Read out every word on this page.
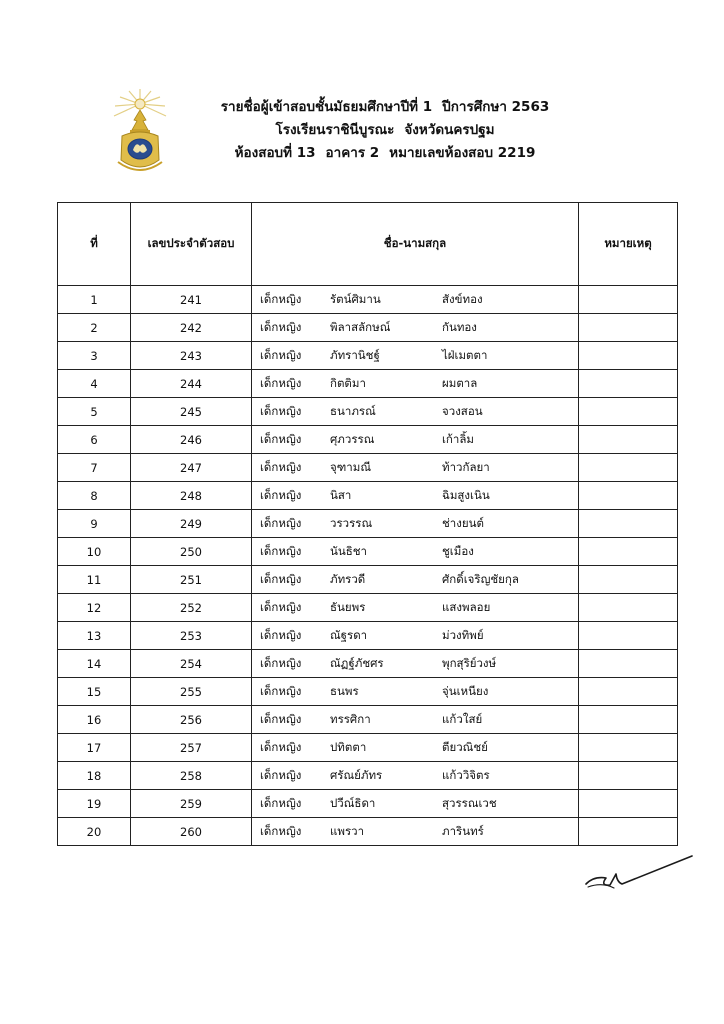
รายชื่อผู้เข้าสอบชั้นมัธยมศึกษาปีที่ 1 ปีการศึกษา 2563
โรงเรียนราชินีบูรณะ จังหวัดนครปฐม
ห้องสอบที่ 13 อาคาร 2 หมายเลขห้องสอบ 2219
ที่	เลขประจำตัวสอบ	ชื่อ-นามสกุล	หมายเหตุ
1	241	เด็กหญิง รัตน์ศิมาน สังข์ทอง	

2	242	เด็กหญิง พิลาสลักษณ์ กันทอง	

3	243	เด็กหญิง ภัทรานิชฐ์ ไฝ่เมตตา	

4	244	เด็กหญิง กิตติมา ผมตาล	

5	245	เด็กหญิง ธนาภรณ์ จวงสอน	

6	246	เด็กหญิง ศุภวรรณ เก้าลิ้ม	

7	247	เด็กหญิง จุฑามณี ท้าวกัลยา	

8	248	เด็กหญิง นิสา ฉิมสูงเนิน	

9	249	เด็กหญิง วรวรรณ ช่างยนต์	

10	250	เด็กหญิง นันธิชา ชูเมือง	

11	251	เด็กหญิง ภัทรวดี ศักดิ์เจริญชัยกุล	

12	252	เด็กหญิง ธันยพร แสงพลอย	

13	253	เด็กหญิง ณัฐรดา ม่วงทิพย์	

14	254	เด็กหญิง ณัฏฐ์ภัชศร พุกสุริย์วงษ์	

15	255	เด็กหญิง ธนพร จุ่นเหนียง	

16	256	เด็กหญิง ทรรศิกา แก้วใสย์	

17	257	เด็กหญิง ปทิตตา ตียวณิชย์	

18	258	เด็กหญิง ศรัณย์ภัทร แก้ววิจิตร	

19	259	เด็กหญิง ปวีณ์ธิดา สุวรรณเวช	

20	260	เด็กหญิง แพรวา ภารินทร์	
